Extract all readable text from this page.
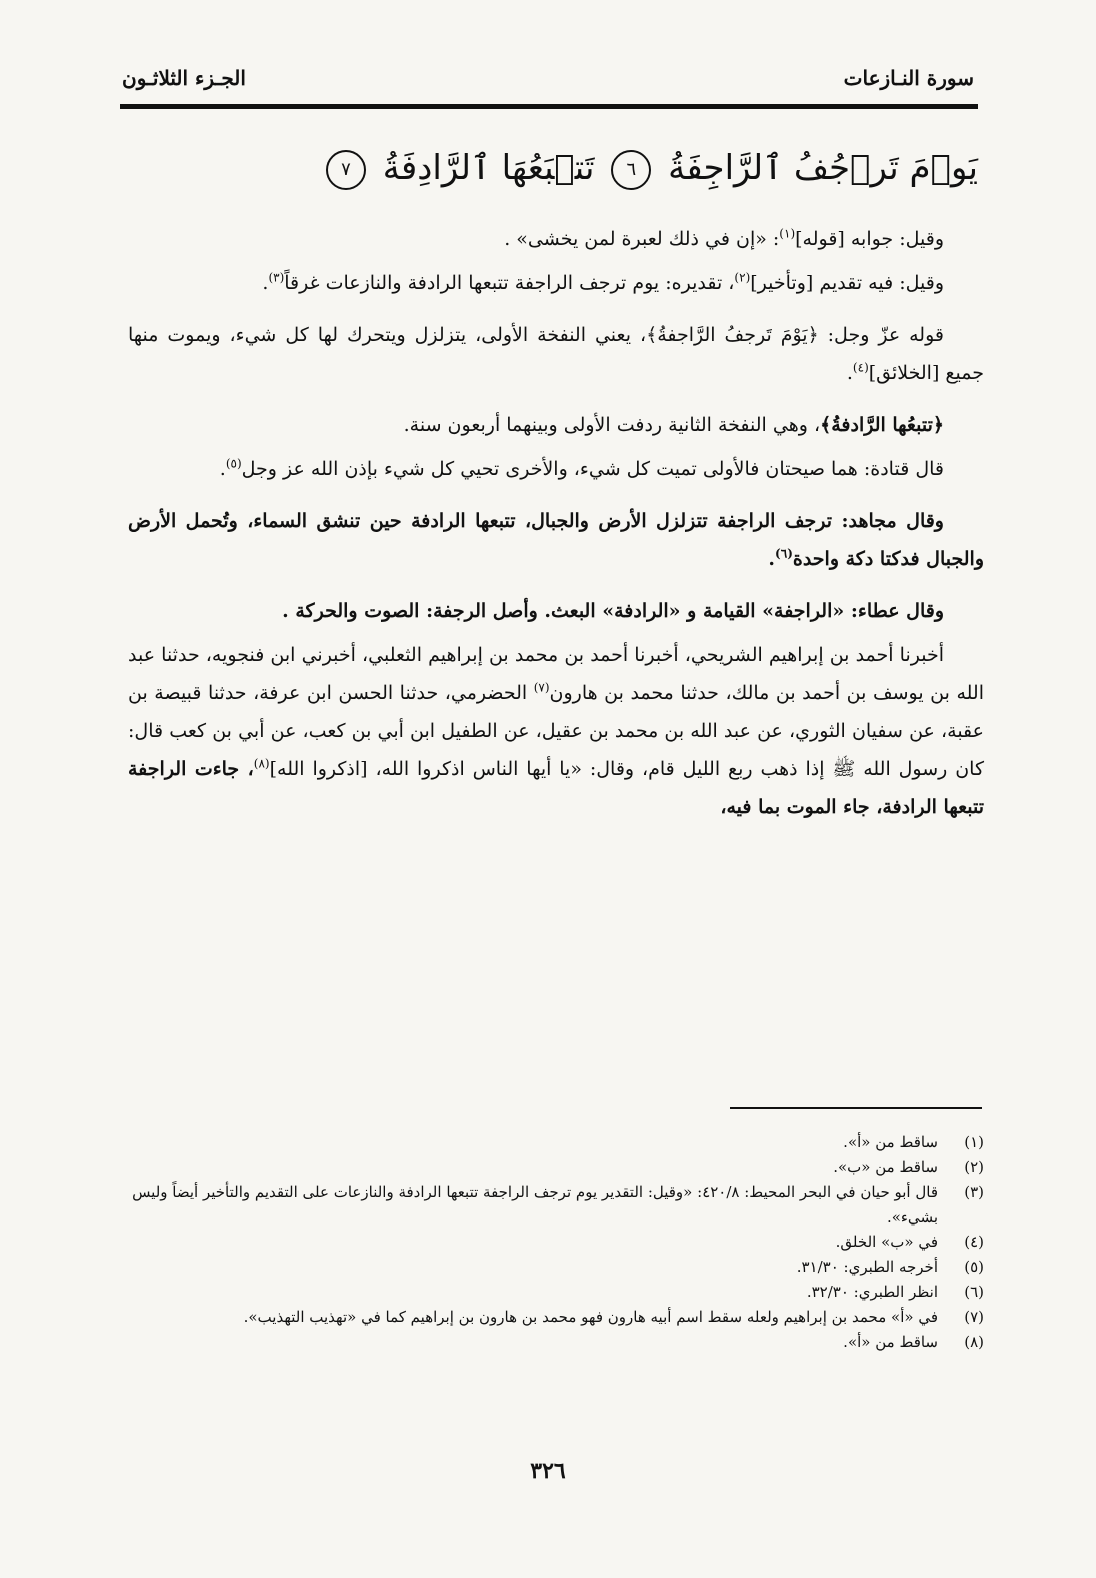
الجـزء الثلاثـون	سورة النـازعات
يَوۡمَ تَرۡجُفُ ٱلرَّاجِفَةُ ٦ تَتۡبَعُهَا ٱلرَّادِفَةُ ٧

وقيل: جوابه [قوله]$^{(١)}$: «إن في ذلك لعبرة لمن يخشى» .

وقيل: فيه تقديم [وتأخير]$^{(٢)}$، تقديره: يوم ترجف الراجفة تتبعها الرادفة والنازعات غرقاً$^{(٣)}$.

قوله عزّ وجل: ﴿يَوْمَ تَرجفُ الرَّاجفةُ﴾، يعني النفخة الأولى، يتزلزل ويتحرك لها كل شيء، ويموت منها جميع [الخلائق]$^{(٤)}$.

﴿تتبعُها الرَّادفةُ﴾، وهي النفخة الثانية ردفت الأولى وبينهما أربعون سنة.

قال قتادة: هما صيحتان فالأولى تميت كل شيء، والأخرى تحيي كل شيء بإذن الله عز وجل$^{(٥)}$.

وقال مجاهد: ترجف الراجفة تتزلزل الأرض والجبال، تتبعها الرادفة حين تنشق السماء، وتُحمل الأرض والجبال فدكتا دكة واحدة$^{(٦)}$.

وقال عطاء: «الراجفة» القيامة و «الرادفة» البعث. وأصل الرجفة: الصوت والحركة .

أخبرنا أحمد بن إبراهيم الشريحي، أخبرنا أحمد بن محمد بن إبراهيم الثعلبي، أخبرني ابن فنجويه، حدثنا عبد الله بن يوسف بن أحمد بن مالك، حدثنا محمد بن هارون$^{(٧)}$ الحضرمي، حدثنا الحسن ابن عرفة، حدثنا قبيصة بن عقبة، عن سفيان الثوري، عن عبد الله بن محمد بن عقيل، عن الطفيل ابن أبي بن كعب، عن أبي بن كعب قال: كان رسول الله ﷺ إذا ذهب ربع الليل قام، وقال: «يا أيها الناس اذكروا الله، [اذكروا الله]$^{(٨)}$، جاءت الراجفة تتبعها الرادفة، جاء الموت بما فيه،

(١)
ساقط من «أ».
(٢)
ساقط من «ب».
(٣)
قال أبو حيان في البحر المحيط: ٤٢٠/٨: «وقيل: التقدير يوم ترجف الراجفة تتبعها الرادفة والنازعات على التقديم والتأخير أيضاً وليس بشيء».
(٤)
في «ب» الخلق.
(٥)
أخرجه الطبري: ٣١/٣٠.
(٦)
انظر الطبري: ٣٢/٣٠.
(٧)
في «أ» محمد بن إبراهيم ولعله سقط اسم أبيه هارون فهو محمد بن هارون بن إبراهيم كما في «تهذيب التهذيب».
(٨)
ساقط من «أ».
٣٢٦
